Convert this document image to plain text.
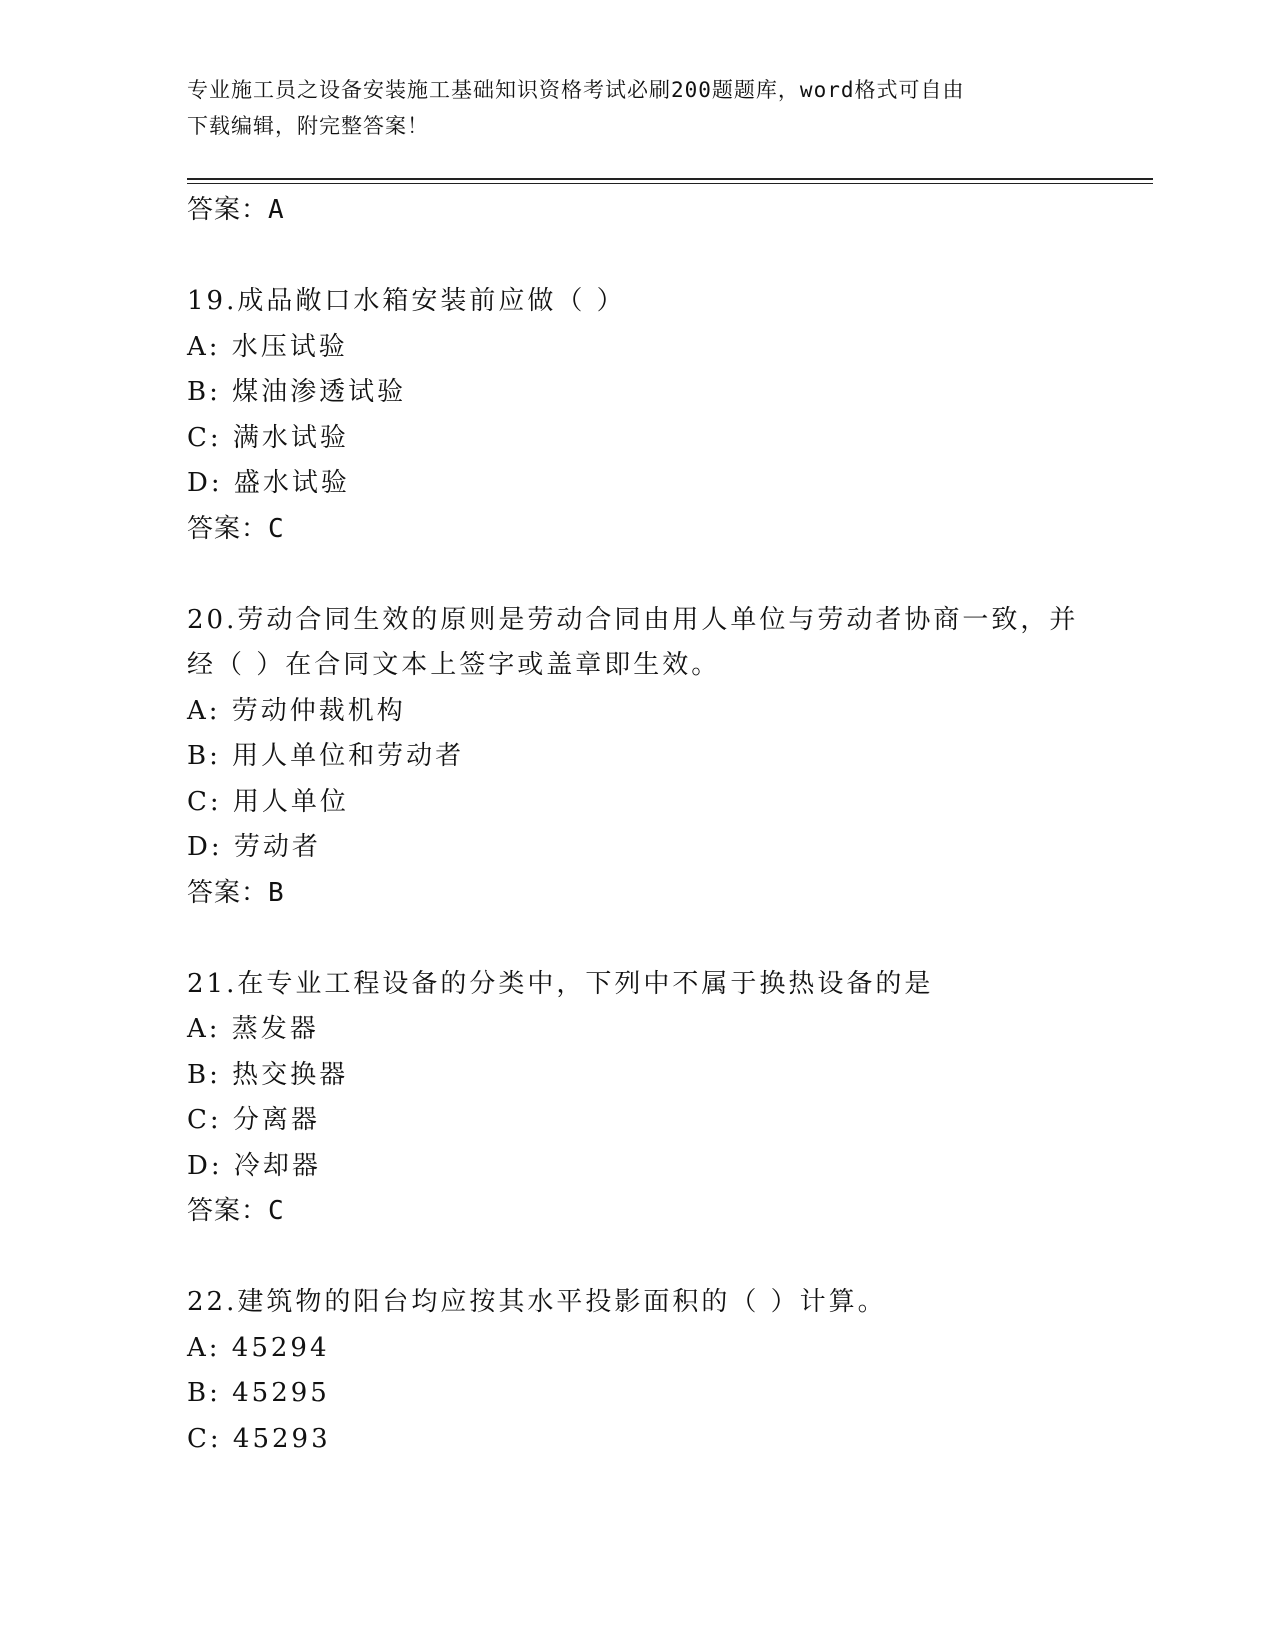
专业施工员之设备安装施工基础知识资格考试必刷200题题库，word格式可自由
下载编辑，附完整答案！
答案：A
19.成品敞口水箱安装前应做（ ）
A: 水压试验
B: 煤油渗透试验
C: 满水试验
D: 盛水试验
答案：C
20.劳动合同生效的原则是劳动合同由用人单位与劳动者协商一致，并
经（ ）在合同文本上签字或盖章即生效。
A: 劳动仲裁机构
B: 用人单位和劳动者
C: 用人单位
D: 劳动者
答案：B
21.在专业工程设备的分类中，下列中不属于换热设备的是
A: 蒸发器
B: 热交换器
C: 分离器
D: 冷却器
答案：C
22.建筑物的阳台均应按其水平投影面积的（ ）计算。
A: 45294
B: 45295
C: 45293
